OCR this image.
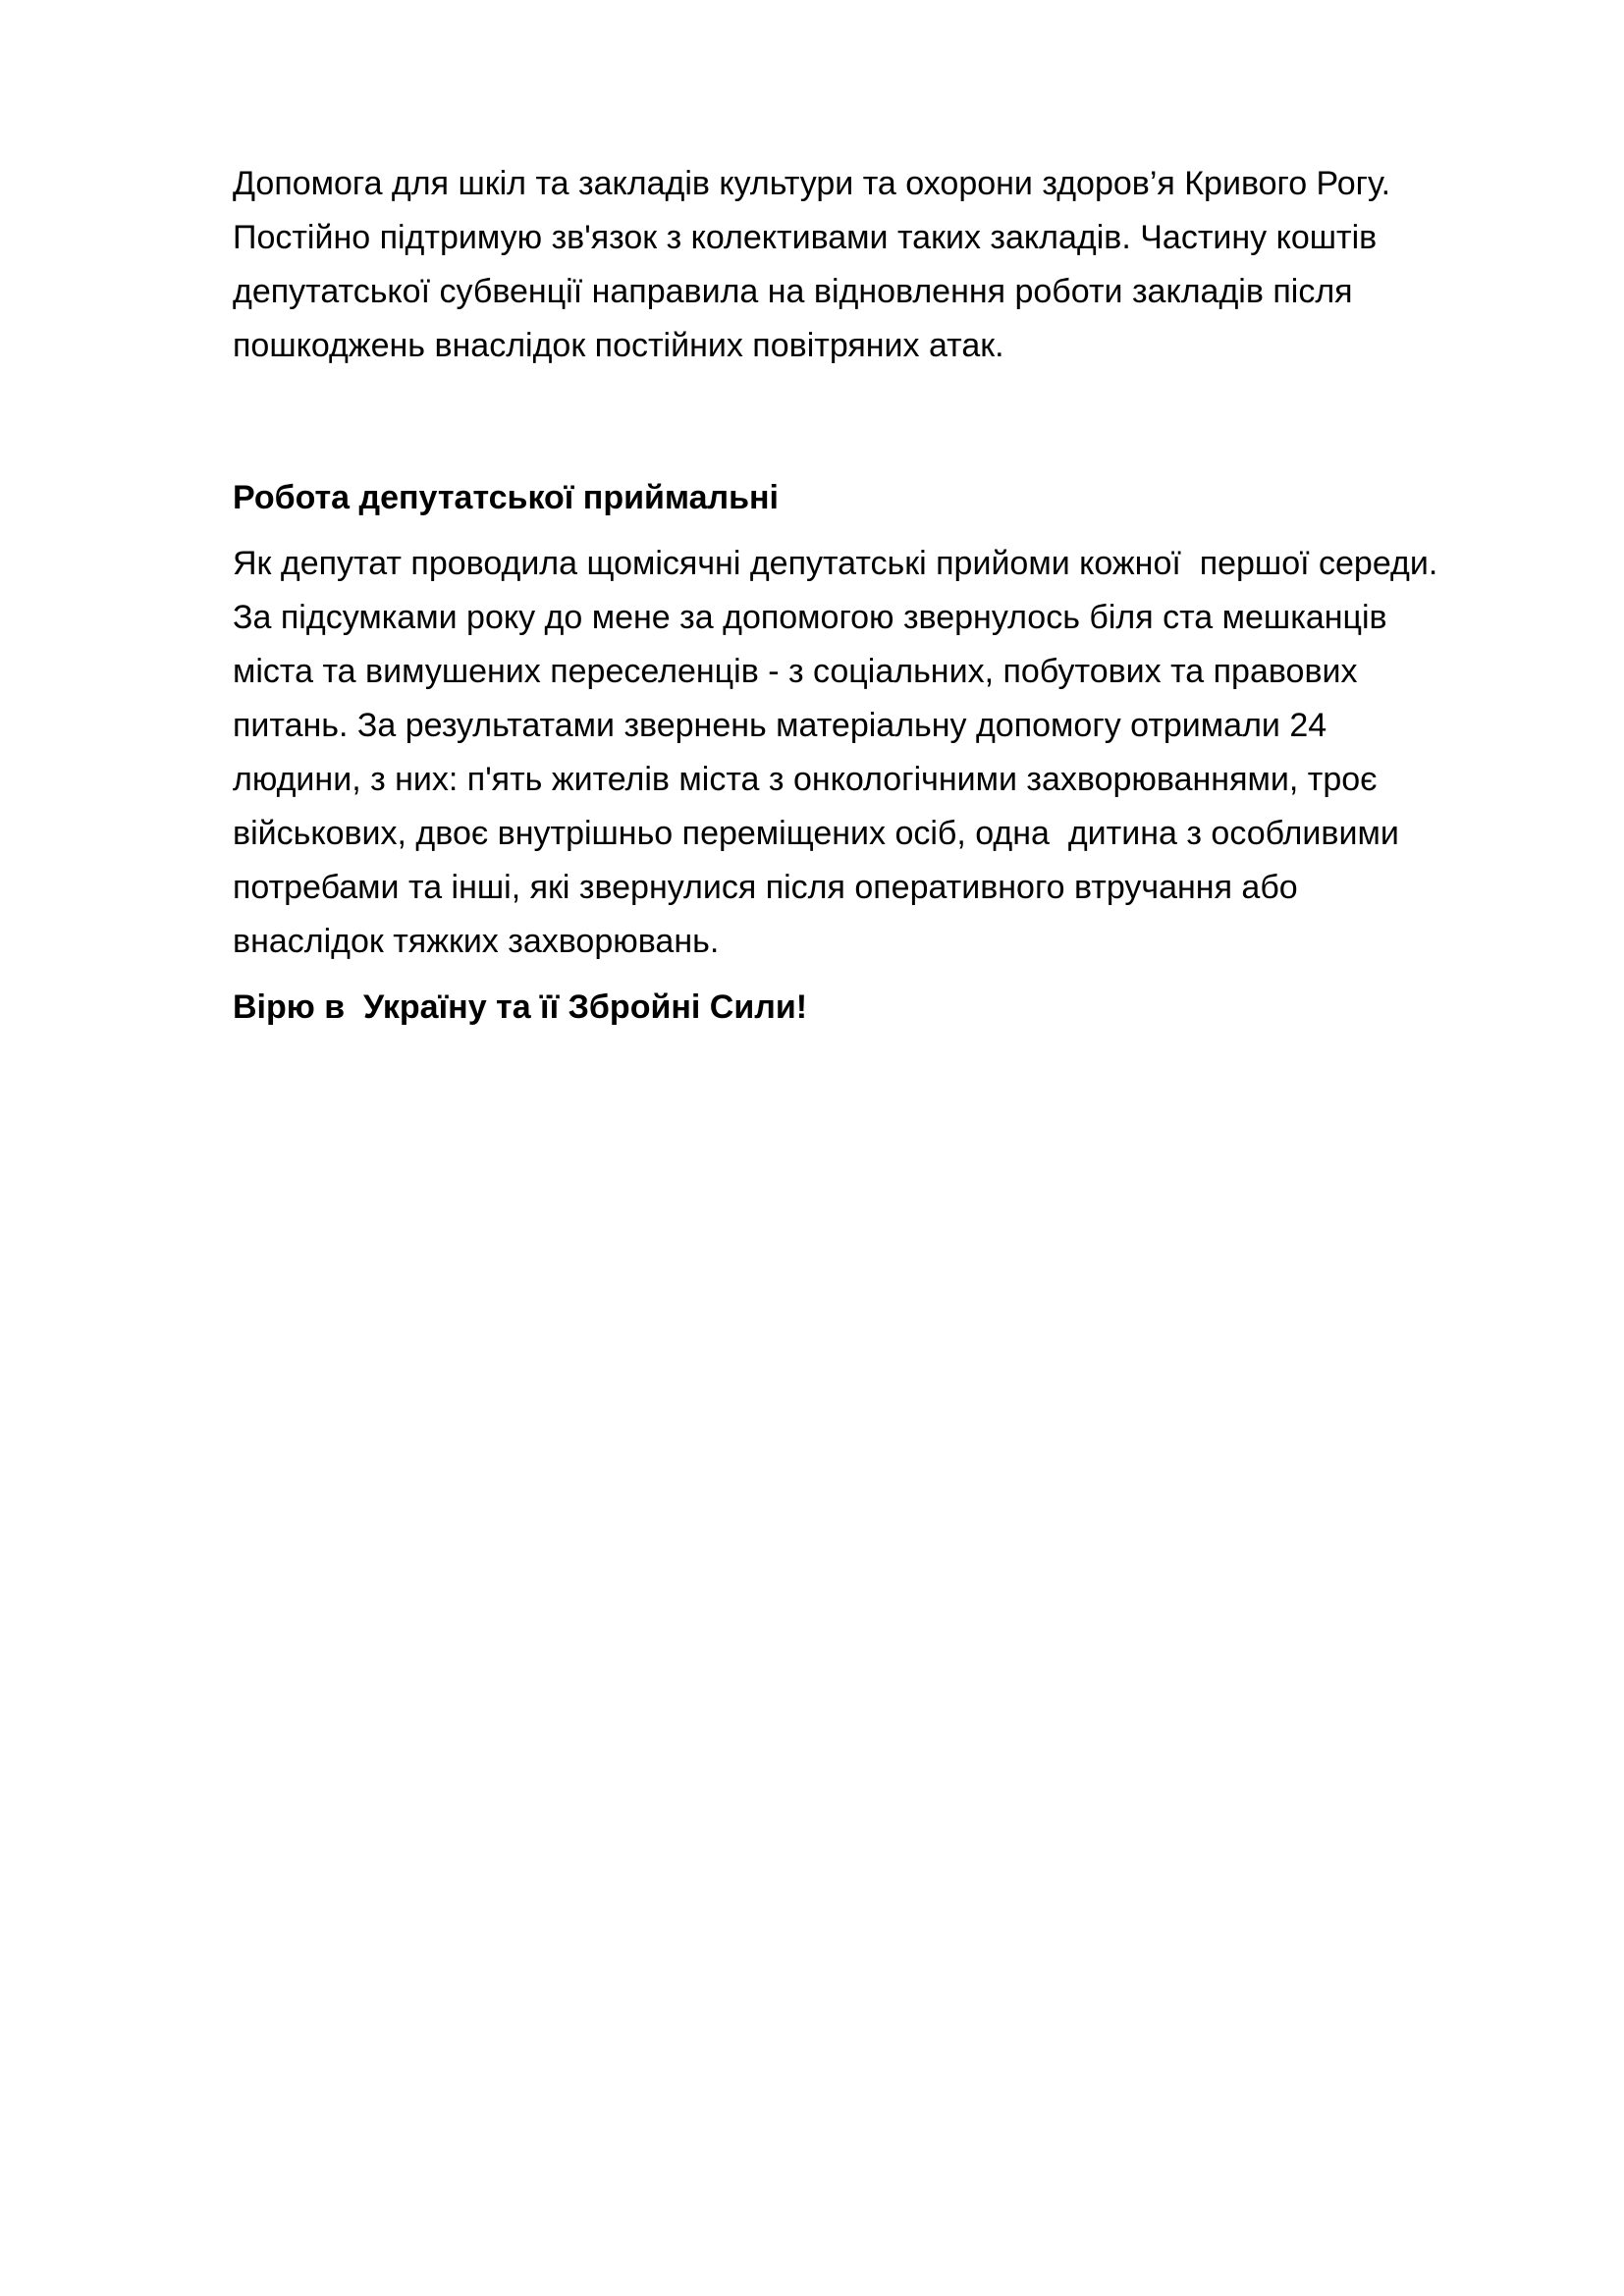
Допомога для шкіл та закладів культури та охорони здоров’я Кривого Рогу.
Постійно підтримую зв'язок з колективами таких закладів. Частину коштів
депутатської субвенції направила на відновлення роботи закладів після
пошкоджень внаслідок постійних повітряних атак.
Робота депутатської приймальні
Як депутат проводила щомісячні депутатські прийоми кожної  першої середи.
За підсумками року до мене за допомогою звернулось біля ста мешканців
міста та вимушених переселенців - з соціальних, побутових та правових
питань. За результатами звернень матеріальну допомогу отримали 24
людини, з них: п'ять жителів міста з онкологічними захворюваннями, троє
військових, двоє внутрішньо переміщених осіб, одна  дитина з особливими
потребами та інші, які звернулися після оперативного втручання або
внаслідок тяжких захворювань.
Вірю в  Україну та її Збройні Сили!
